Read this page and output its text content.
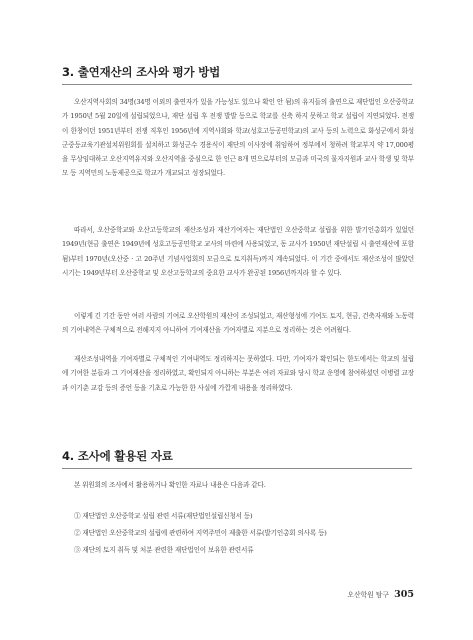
3. 출연재산의 조사와 평가 방법

오산지역사회의 34명(34명 이외의 출연자가 있을 가능성도 있으나 확인 안 됨)의 유지들의 출연으로 재단법인 오산중학교가 1950년 5월 20일에 설립되었으나, 재단 설립 후 전쟁 발발 등으로 학교를 신축 하지 못하고 학교 설립이 지연되었다. 전쟁이 한창이던 1951년부터 전쟁 직후인 1956년에 지역사회와 학교(성호고등공민학교)의 교사 등의 노력으로 화성군에서 화성군중등교육기관설치위원회를 설치하고 화성군수 경용식이 재단의 이사장에 취임하여 정부에서 청하려 학교부지 약 17,000평을 무상임대하고 오산지역유지와 오산지역을 중심으로 한 인근 8개 면으로부터의 모금과 미국의 물자지원과 교사 학생 및 학부모 등 지역민의 노동제공으로 학교가 개교되고 성장되었다.

따라서, 오산중학교와 오산고등학교의 재산조성과 재산기여자는 재단법인 오산중학교 설립을 위한 발기인총회가 있었던 1949년(현금 출연은 1949년에 성호고등공민학교 교사의 마련에 사용되었고, 동 교사가 1950년 재단설립 시 출연재산에 포함됨)부터 1970년(오산중 · 고 20주년 기념사업회의 모금으로 토지취득)까지 계속되었다. 이 기간 중에서도 재산조성이 많았던 시기는 1949년부터 오산중학교 및 오산고등학교의 중요한 교사가 완공된 1956년까지라 할 수 있다.

이렇게 긴 기간 동안 여러 사람의 기여로 오산학원의 재산이 조성되었고, 재산형성에 기여도 토지, 현금, 건축자재와 노동력의 기여내역은 구체적으로 전해지지 아니하여 기여재산을 기여자별로 지분으로 정리하는 것은 어려웠다.

재산조성내역을 기여자별로 구체적인 기여내역도 정리하지는 못하였다. 다만, 기여자가 확인되는 한도에서는 학교의 설립에 기여한 분들과 그 기여재산을 정리하였고, 확인되지 아니하는 부분은 여러 자료와 당시 학교 운영에 참여하셨던 이병렬 교장과 이기춘 교감 등의 증언 등을 기초로 가능한 한 사실에 가깝게 내용을 정리하였다.

4. 조사에 활용된 자료

본 위원회의 조사에서 활용하거나 확인한 자료나 내용은 다음과 같다.

① 재단법인 오산중학교 설립 관련 서류(재단법인설립신청서 등)
② 재단법인 오산중학교의 설립에 관련하여 지역주민이 제출한 서류(발기인총회 의사록 등)
③ 재단의 토지 취득 및 처분 관련한 재단법인이 보유한 관련서류
오산학원 탐구 305
